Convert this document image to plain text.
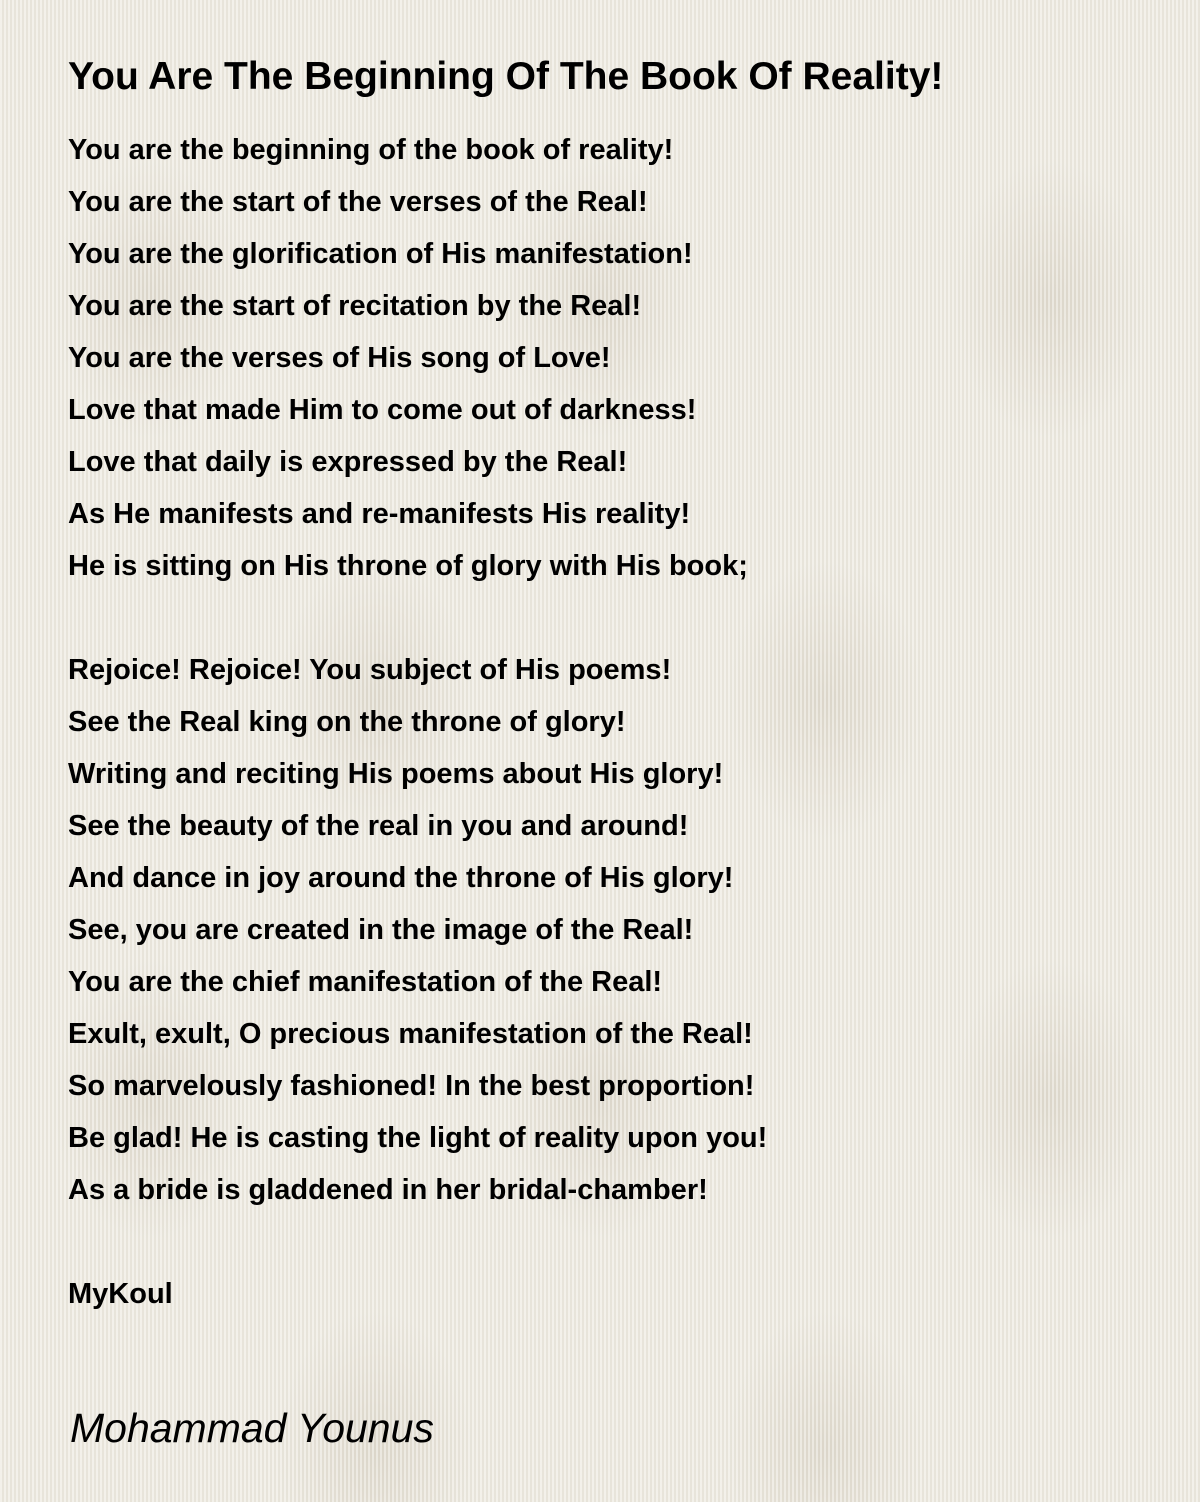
You Are The Beginning Of The Book Of Reality!
You are the beginning of the book of reality!
You are the start of the verses of the Real!
You are the glorification of His manifestation!
You are the start of recitation by the Real!
You are the verses of His song of Love!
Love that made Him to come out of darkness!
Love that daily is expressed by the Real!
As He manifests and re-manifests His reality!
He is sitting on His throne of glory with His book;
Rejoice! Rejoice! You subject of His poems!
See the Real king on the throne of glory!
Writing and reciting His poems about His glory!
See the beauty of the real in you and around!
And dance in joy around the throne of His glory!
See, you are created in the image of the Real!
You are the chief manifestation of the Real!
Exult, exult, O precious manifestation of the Real!
So marvelously fashioned! In the best proportion!
Be glad! He is casting the light of reality upon you!
As a bride is gladdened in her bridal-chamber!
MyKoul
Mohammad Younus
